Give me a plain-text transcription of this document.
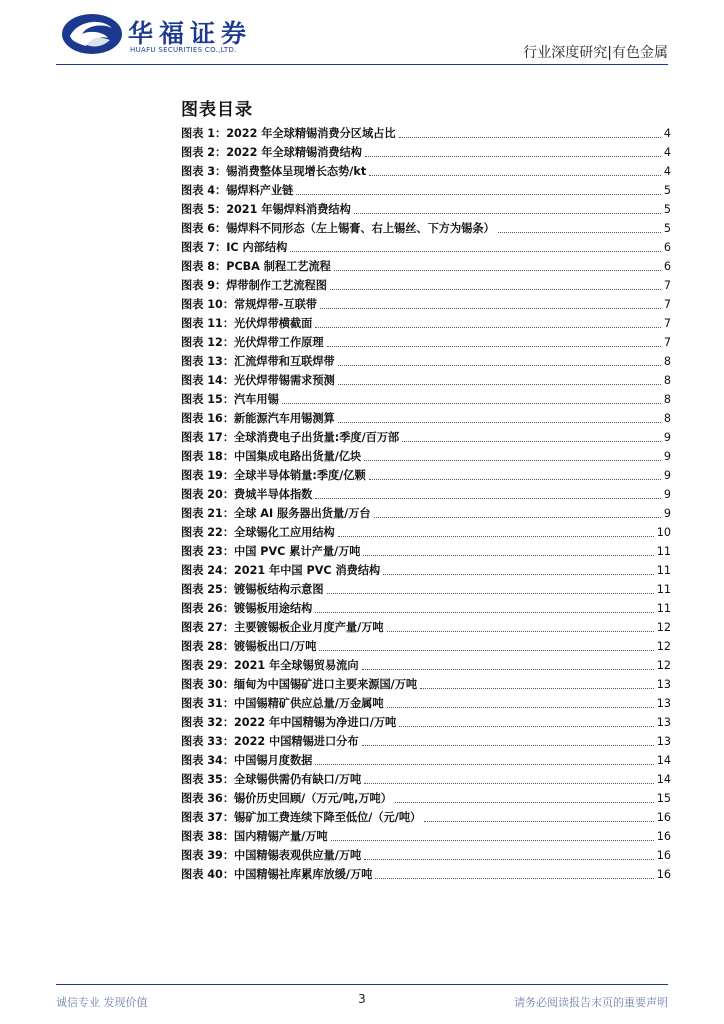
华福证券
HUAFU SECURITIES CO.,LTD.	行业深度研究|有色金属
图表目录
图表 1：2022 年全球精锡消费分区域占比	4
图表 2：2022 年全球精锡消费结构	4
图表 3：锡消费整体呈现增长态势/kt	4
图表 4：锡焊料产业链	5
图表 5：2021 年锡焊料消费结构	5
图表 6：锡焊料不同形态（左上锡膏、右上锡丝、下方为锡条）	5
图表 7：IC 内部结构	6
图表 8：PCBA 制程工艺流程	6
图表 9：焊带制作工艺流程图	7
图表 10：常规焊带-互联带	7
图表 11：光伏焊带横截面	7
图表 12：光伏焊带工作原理	7
图表 13：汇流焊带和互联焊带	8
图表 14：光伏焊带锡需求预测	8
图表 15：汽车用锡	8
图表 16：新能源汽车用锡测算	8
图表 17：全球消费电子出货量:季度/百万部	9
图表 18：中国集成电路出货量/亿块	9
图表 19：全球半导体销量:季度/亿颗	9
图表 20：费城半导体指数	9
图表 21：全球 AI 服务器出货量/万台	9
图表 22：全球锡化工应用结构	10
图表 23：中国 PVC 累计产量/万吨	11
图表 24：2021 年中国 PVC 消费结构	11
图表 25：镀锡板结构示意图	11
图表 26：镀锡板用途结构	11
图表 27：主要镀锡板企业月度产量/万吨	12
图表 28：镀锡板出口/万吨	12
图表 29：2021 年全球锡贸易流向	12
图表 30：缅甸为中国锡矿进口主要来源国/万吨	13
图表 31：中国锡精矿供应总量/万金属吨	13
图表 32：2022 年中国精锡为净进口/万吨	13
图表 33：2022 中国精锡进口分布	13
图表 34：中国锡月度数据	14
图表 35：全球锡供需仍有缺口/万吨	14
图表 36：锡价历史回顾/（万元/吨,万吨）	15
图表 37：锡矿加工费连续下降至低位/（元/吨）	16
图表 38：国内精锡产量/万吨	16
图表 39：中国精锡表观供应量/万吨	16
图表 40：中国精锡社库累库放缓/万吨	16
诚信专业 发现价值	3	请务必阅读报告末页的重要声明
